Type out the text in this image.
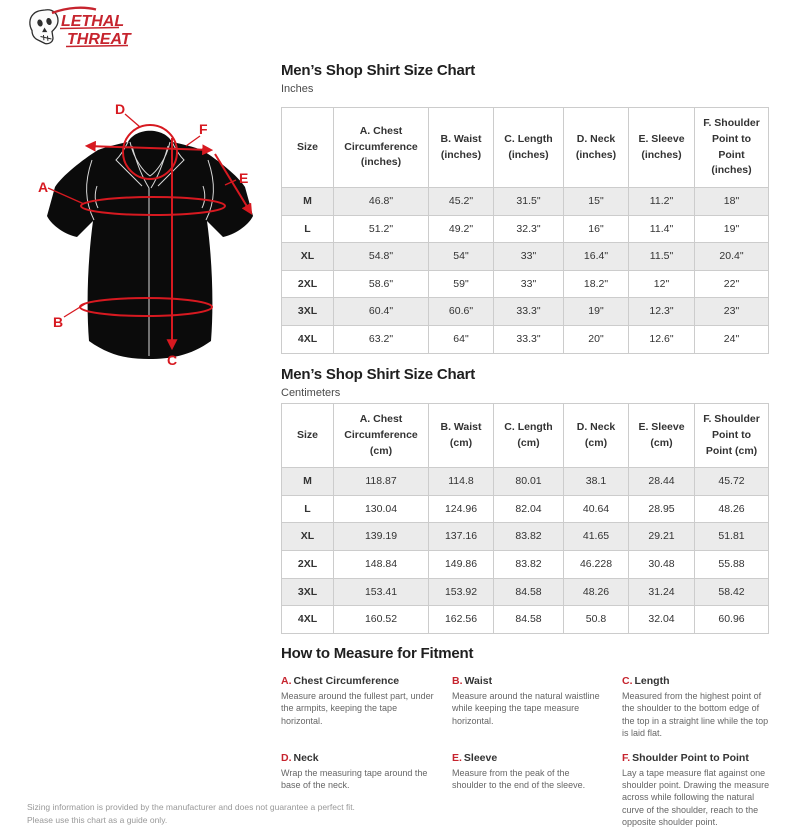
LETHAL
THREAT
A
B
C
D
E
F
Men’s Shop Shirt Size Chart
Inches
Size	A. Chest Circumference (inches)	B. Waist (inches)	C. Length (inches)	D. Neck (inches)	E. Sleeve (inches)	F. Shoulder Point to Point (inches)
M	46.8"	45.2"	31.5"	15"	11.2"	18"
L	51.2"	49.2"	32.3"	16"	11.4"	19"
XL	54.8"	54"	33"	16.4"	11.5"	20.4"
2XL	58.6"	59"	33"	18.2"	12"	22"
3XL	60.4"	60.6"	33.3"	19"	12.3"	23"
4XL	63.2"	64"	33.3"	20"	12.6"	24"
Men’s Shop Shirt Size Chart
Centimeters
Size	A. Chest Circumference (cm)	B. Waist (cm)	C. Length (cm)	D. Neck (cm)	E. Sleeve (cm)	F. Shoulder Point to Point (cm)
M	118.87	114.8	80.01	38.1	28.44	45.72
L	130.04	124.96	82.04	40.64	28.95	48.26
XL	139.19	137.16	83.82	41.65	29.21	51.81
2XL	148.84	149.86	83.82	46.228	30.48	55.88
3XL	153.41	153.92	84.58	48.26	31.24	58.42
4XL	160.52	162.56	84.58	50.8	32.04	60.96
How to Measure for Fitment
A. Chest Circumference
Measure around the fullest part, under the armpits, keeping the tape horizontal.
B. Waist
Measure around the natural waistline while keeping the tape measure horizontal.
C. Length
Measured from the highest point of the shoulder to the bottom edge of the top in a straight line while the top is laid flat.
D. Neck
Wrap the measuring tape around the base of the neck.
E. Sleeve
Measure from the peak of the shoulder to the end of the sleeve.
F. Shoulder Point to Point
Lay a tape measure flat against one shoulder point. Drawing the measure across while following the natural curve of the shoulder, reach to the opposite shoulder point.
Sizing information is provided by the manufacturer and does not guarantee a perfect fit.
Please use this chart as a guide only.
